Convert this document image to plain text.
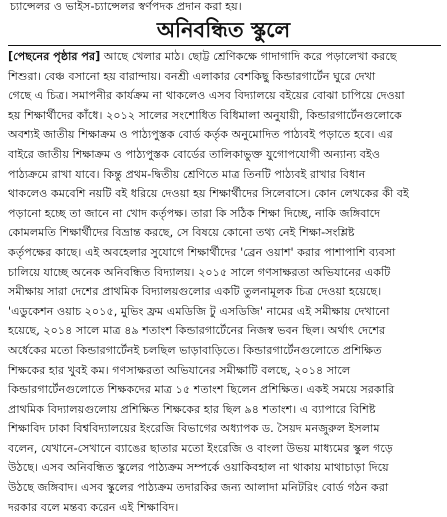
চ্যান্সেলর ও ভাইস-চ্যান্সেলর স্বর্ণপদক প্রদান করা হয়।
অনিবন্ধিত স্কুলে
[পেছনের পৃষ্ঠার পর] আছে খেলার মাঠ। ছোট্ট শ্রেণিকক্ষে গাদাগাদি করে পড়ালেখা করছে
শিশুরা। বেঞ্চ বসানো হয় বারান্দায়। বনশ্রী এলাকার বেশকিছু কিন্ডারগার্টেন ঘুরে দেখা
গেছে এ চিত্র। সমাপনীর কার্যক্রম না থাকলেও এসব বিদ্যালয়ে বইয়ের বোঝা চাপিয়ে দেওয়া
হয় শিক্ষার্থীদের কাঁধে। ২০১২ সালের সংশোধিত বিধিমালা অনুযায়ী, কিন্ডারগার্টেনগুলোকে
অবশ্যই জাতীয় শিক্ষাক্রম ও পাঠ্যপুস্তক বোর্ড কর্তৃক অনুমোদিত পাঠ্যবই পড়াতে হবে। এর
বাইরে জাতীয় শিক্ষাক্রম ও পাঠ্যপুস্তক বোর্ডের তালিকাভুক্ত যুগোপযোগী অন্যান্য বইও
পাঠ্যক্রমে রাখা যাবে। কিন্তু প্রথম-দ্বিতীয় শ্রেণিতে মাত্র তিনটি পাঠ্যবই রাখার বিধান
থাকলেও কমবেশি নয়টি বই ধরিয়ে দেওয়া হয় শিক্ষার্থীদের সিলেবাসে। কোন লেখকের কী বই
পড়ানো হচ্ছে তা জানে না খোদ কর্তৃপক্ষ। তারা কি সঠিক শিক্ষা দিচ্ছে, নাকি জঙ্গিবাদে
কোমলমতি শিক্ষার্থীদের বিভ্রান্ত করছে, সে বিষয়ে কোনো তথ্য নেই শিক্ষা-সংশ্লিষ্ট
কর্তৃপক্ষের কাছে। এই অবহেলার সুযোগে শিক্ষার্থীদের 'ব্রেন ওয়াশ' করার পাশাপাশি ব্যবসা
চালিয়ে যাচ্ছে অনেক অনিবন্ধিত বিদ্যালয়। ২০১৫ সালে গণসাক্ষরতা অভিযানের একটি
সমীক্ষায় সারা দেশের প্রাথমিক বিদ্যালয়গুলোর একটি তুলনামূলক চিত্র দেওয়া হয়েছে।
'এডুকেশন ওয়াচ ২০১৫, মুভিং ফ্রম এমডিজি টু এসডিজি' নামের এই সমীক্ষায় দেখানো
হয়েছে, ২০১৪ সালে মাত্র ৪৯ শতাংশ কিন্ডারগার্টেনের নিজস্ব ভবন ছিল। অর্থাৎ দেশের
অর্ধেকের মতো কিন্ডারগার্টেনই চলছিল ভাড়াবাড়িতে। কিন্ডারগার্টেনগুলোতে প্রশিক্ষিত
শিক্ষকের হার খুবই কম। গণসাক্ষরতা অভিযানের সমীক্ষাটি বলছে, ২০১৪ সালে
কিন্ডারগার্টেনগুলোতে শিক্ষকদের মাত্র ১৫ শতাংশ ছিলেন প্রশিক্ষিত। একই সময়ে সরকারি
প্রাথমিক বিদ্যালয়গুলোয় প্রশিক্ষিত শিক্ষকের হার ছিল ৯৪ শতাংশ। এ ব্যাপারে বিশিষ্ট
শিক্ষাবিদ ঢাকা বিশ্ববিদ্যালয়ের ইংরেজি বিভাগের অধ্যাপক ড. সৈয়দ মনজুরুল ইসলাম
বলেন, যেখানে-সেখানে ব্যাঙের ছাতার মতো ইংরেজি ও বাংলা উভয় মাধ্যমের স্কুল গড়ে
উঠছে। এসব অনিবন্ধিত স্কুলের পাঠ্যক্রম সম্পর্কে ওয়াকিবহাল না থাকায় মাথাচাড়া দিয়ে
উঠছে জঙ্গিবাদ। এসব স্কুলের পাঠ্যক্রম তদারকির জন্য আলাদা মনিটরিং বোর্ড গঠন করা
দরকার বলে মন্তব্য করেন এই শিক্ষাবিদ।
